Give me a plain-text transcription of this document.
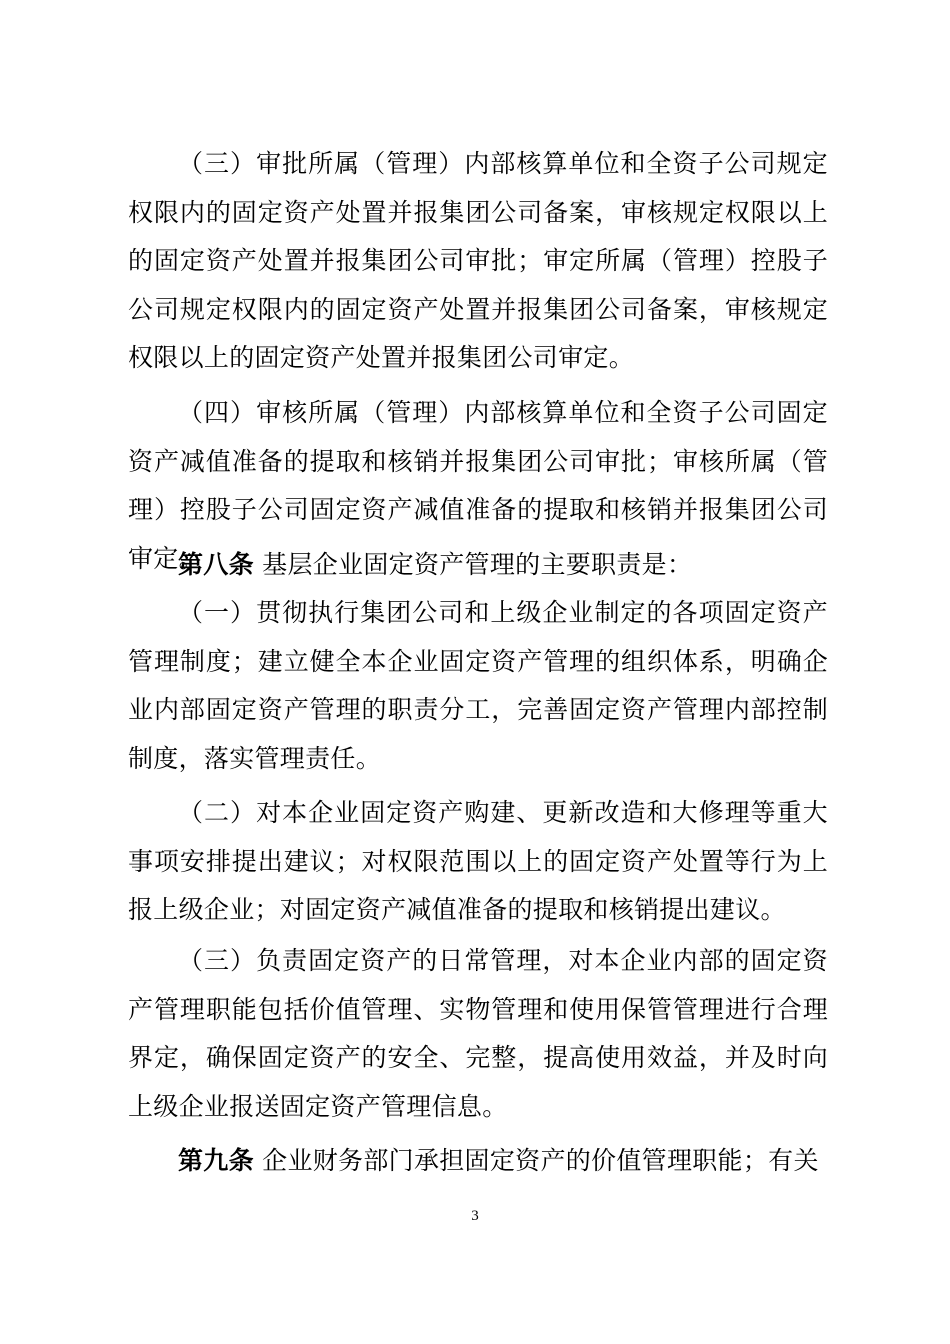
（三）审批所属（管理）内部核算单位和全资子公司规定权限内的固定资产处置并报集团公司备案，审核规定权限以上的固定资产处置并报集团公司审批；审定所属（管理）控股子公司规定权限内的固定资产处置并报集团公司备案，审核规定权限以上的固定资产处置并报集团公司审定。

（四）审核所属（管理）内部核算单位和全资子公司固定资产减值准备的提取和核销并报集团公司审批；审核所属（管理）控股子公司固定资产减值准备的提取和核销并报集团公司审定。

第八条 基层企业固定资产管理的主要职责是：

（一）贯彻执行集团公司和上级企业制定的各项固定资产管理制度；建立健全本企业固定资产管理的组织体系，明确企业内部固定资产管理的职责分工，完善固定资产管理内部控制制度，落实管理责任。

（二）对本企业固定资产购建、更新改造和大修理等重大事项安排提出建议；对权限范围以上的固定资产处置等行为上报上级企业；对固定资产减值准备的提取和核销提出建议。

（三）负责固定资产的日常管理，对本企业内部的固定资产管理职能包括价值管理、实物管理和使用保管管理进行合理界定，确保固定资产的安全、完整，提高使用效益，并及时向上级企业报送固定资产管理信息。

第九条 企业财务部门承担固定资产的价值管理职能；有关

3
